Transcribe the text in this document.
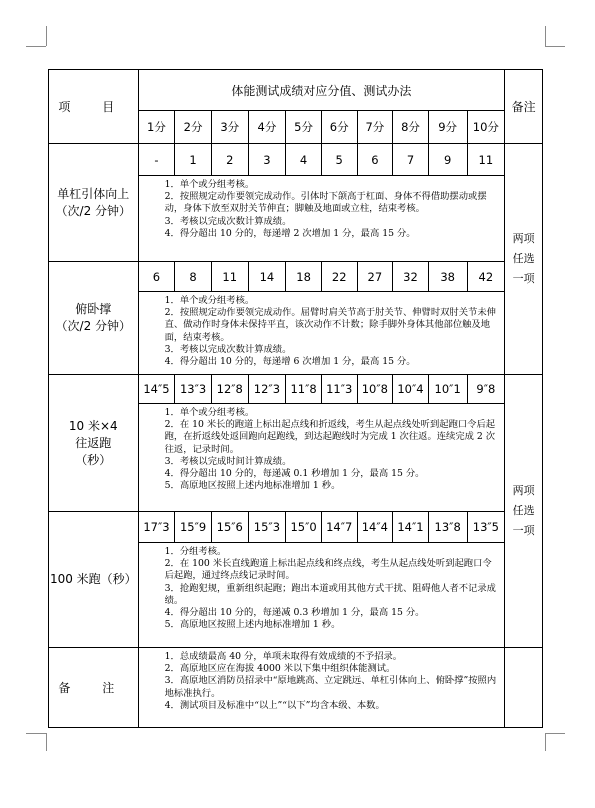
项 目	体能测试成绩对应分值、测试办法										备注
	1分	2分	3分	4分	5分	6分	7分	8分	9分	10分	

单杠引体向上
（次/2 分钟）	-	1	2	3	4	5	6	7	9	11	两项任选一项

	1．单个或分组考核。
2．按照规定动作要领完成动作。引体时下颌高于杠面、身体不得借助摆动或摆动，身体下放至双肘关节伸直；脚触及地面或立柱，结束考核。
3．考核以完成次数计算成绩。
4．得分超出 10 分的，每递增 2 次增加 1 分，最高 15 分。										

俯卧撑
（次/2 分钟）	6	8	11	14	18	22	27	32	38	42	

	1．单个或分组考核。
2．按照规定动作要领完成动作。屈臂时肩关节高于肘关节、伸臂时双肘关节未伸直、做动作时身体未保持平直，该次动作不计数；除手脚外身体其他部位触及地面，结束考核。
3．考核以完成次数计算成绩。
4．得分超出 10 分的，每递增 6 次增加 1 分，最高 15 分。										

10 米×4
往返跑
（秒）	14″5	13″3	12″8	12″3	11″8	11″3	10″8	10″4	10″1	9″8	两项任选一项

	1．单个或分组考核。
2．在 10 米长的跑道上标出起点线和折返线，考生从起点线处听到起跑口令后起跑，在折返线处返回跑向起跑线，到达起跑线时为完成 1 次往返。连续完成 2 次往返，记录时间。
3．考核以完成时间计算成绩。
4．得分超出 10 分的，每递减 0.1 秒增加 1 分，最高 15 分。
5．高原地区按照上述内地标准增加 1 秒。										

100 米跑（秒）	17″3	15″9	15″6	15″3	15″0	14″7	14″4	14″1	13″8	13″5	

	1．分组考核。
2．在 100 米长直线跑道上标出起点线和终点线，考生从起点线处听到起跑口令后起跑，通过终点线记录时间。
3．抢跑犯规，重新组织起跑；跑出本道或用其他方式干扰、阻碍他人者不记录成绩。
4．得分超出 10 分的，每递减 0.3 秒增加 1 分，最高 15 分。
5．高原地区按照上述内地标准增加 1 秒。										

备 注	1．总成绩最高 40 分，单项未取得有效成绩的不予招录。
2．高原地区应在海拔 4000 米以下集中组织体能测试。
3．高原地区消防员招录中“原地跳高、立定跳远、单杠引体向上、俯卧撑”按照内地标准执行。
4．测试项目及标准中“以上”“以下”均含本级、本数。										
